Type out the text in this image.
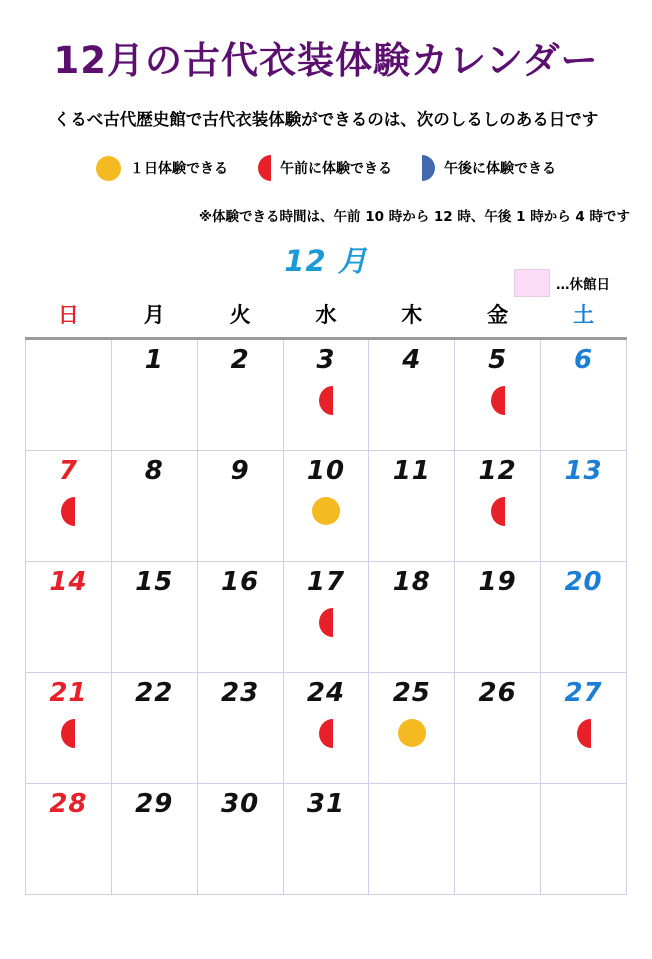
12月の古代衣装体験カレンダー
くるべ古代歴史館で古代衣装体験ができるのは、次のしるしのある日です
１日体験できる	午前に体験できる	午後に体験できる
※体験できる時間は、午前 10 時から 12 時、午後 1 時から 4 時です
12 月
…休館日
日	月	火	水	木	金	土

	1	2	3	4	5	6

7	8	9	10	11	12	13

14	15	16	17	18	19	20

21	22	23	24	25	26	27

28	29	30	31			
